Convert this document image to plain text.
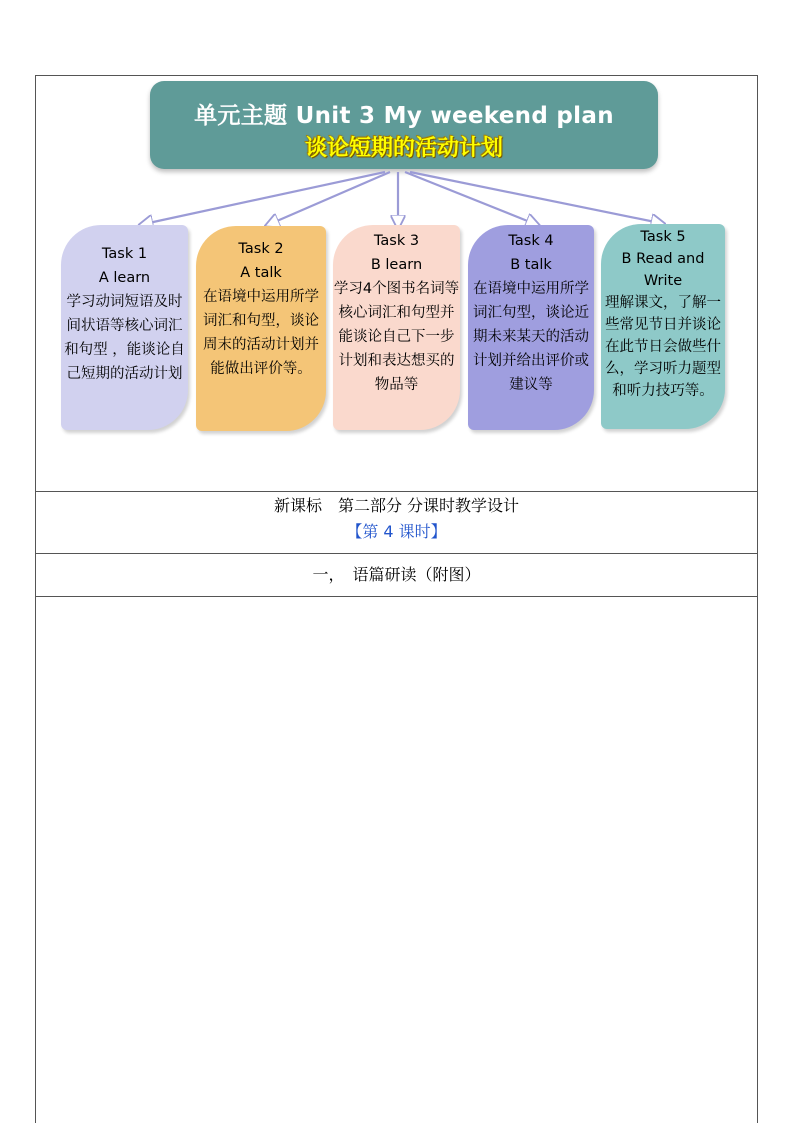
单元主题 Unit 3 My weekend plan
谈论短期的活动计划
Task 1
A learn
学习动词短语及时间状语等核心词汇和句型 ，能谈论自己短期的活动计划
Task 2
A talk
在语境中运用所学词汇和句型，谈论周末的活动计划并能做出评价等。
Task 3
B learn
学习4个图书名词等核心词汇和句型并能谈论自己下一步计划和表达想买的物品等
Task 4
B talk
在语境中运用所学词汇句型，谈论近期未来某天的活动计划并给出评价或建议等
Task 5
B Read and Write
理解课文，了解一些常见节日并谈论在此节日会做些什么，学习听力题型和听力技巧等。
新课标　第二部分 分课时教学设计
【第 4 课时】
一，　语篇研读（附图）
